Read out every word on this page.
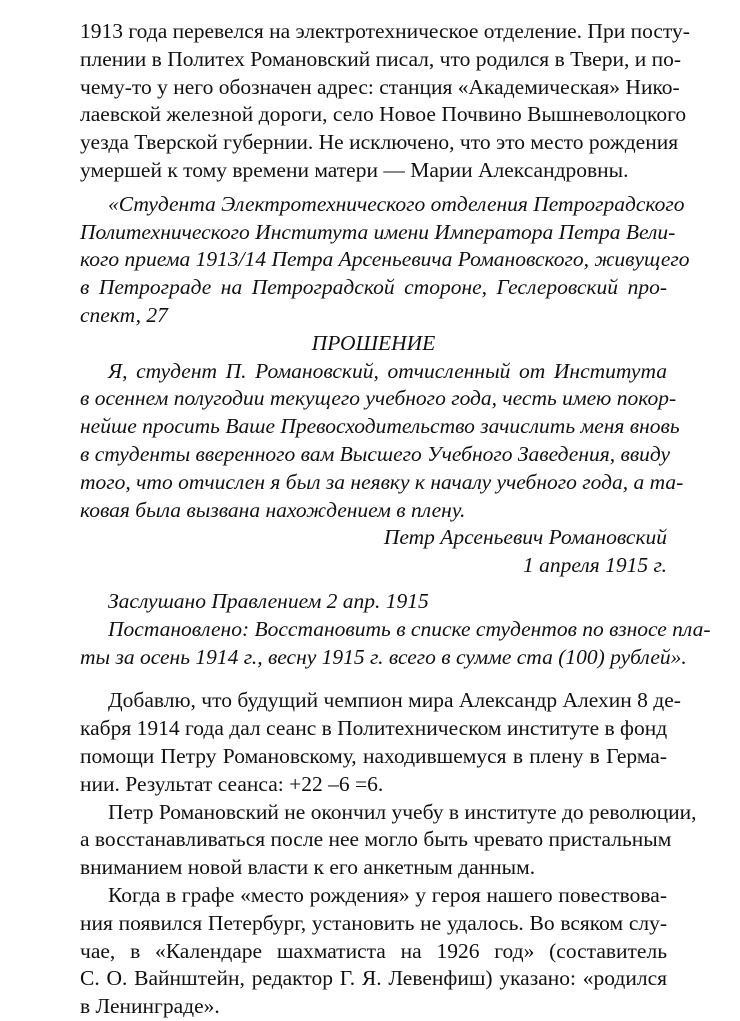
1913 года перевелся на электротехническое отделение. При посту-
плении в Политех Романовский писал, что родился в Твери, и по-
чему-то у него обозначен адрес: станция «Академическая» Нико-
лаевской железной дороги, село Новое Почвино Вышневолоцкого
уезда Тверской губернии. Не исключено, что это место рождения
умершей к тому времени матери — Марии Александровны.
«Студента Электротехнического отделения Петроградского
Политехнического Института имени Императора Петра Вели-
кого приема 1913/14 Петра Арсеньевича Романовского, живущего
в Петрограде на Петроградской стороне, Геслеровский про-
спект, 27
ПРОШЕНИЕ
Я, студент П. Романовский, отчисленный от Института
в осеннем полугодии текущего учебного года, честь имею покор-
нейше просить Ваше Превосходительство зачислить меня вновь
в студенты вверенного вам Высшего Учебного Заведения, ввиду
того, что отчислен я был за неявку к началу учебного года, а та-
ковая была вызвана нахождением в плену.
Петр Арсеньевич Романовский
1 апреля 1915 г.
Заслушано Правлением 2 апр. 1915
Постановлено: Восстановить в списке студентов по взносе пла-
ты за осень 1914 г., весну 1915 г. всего в сумме ста (100) рублей».
Добавлю, что будущий чемпион мира Александр Алехин 8 де-
кабря 1914 года дал сеанс в Политехническом институте в фонд
помощи Петру Романовскому, находившемуся в плену в Герма-
нии. Результат сеанса: +22 –6 =6.
Петр Романовский не окончил учебу в институте до революции,
а восстанавливаться после нее могло быть чревато пристальным
вниманием новой власти к его анкетным данным.
Когда в графе «место рождения» у героя нашего повествова-
ния появился Петербург, установить не удалось. Во всяком слу-
чае, в «Календаре шахматиста на 1926 год» (составитель
С. О. Вайнштейн, редактор Г. Я. Левенфиш) указано: «родился
в Ленинграде».
